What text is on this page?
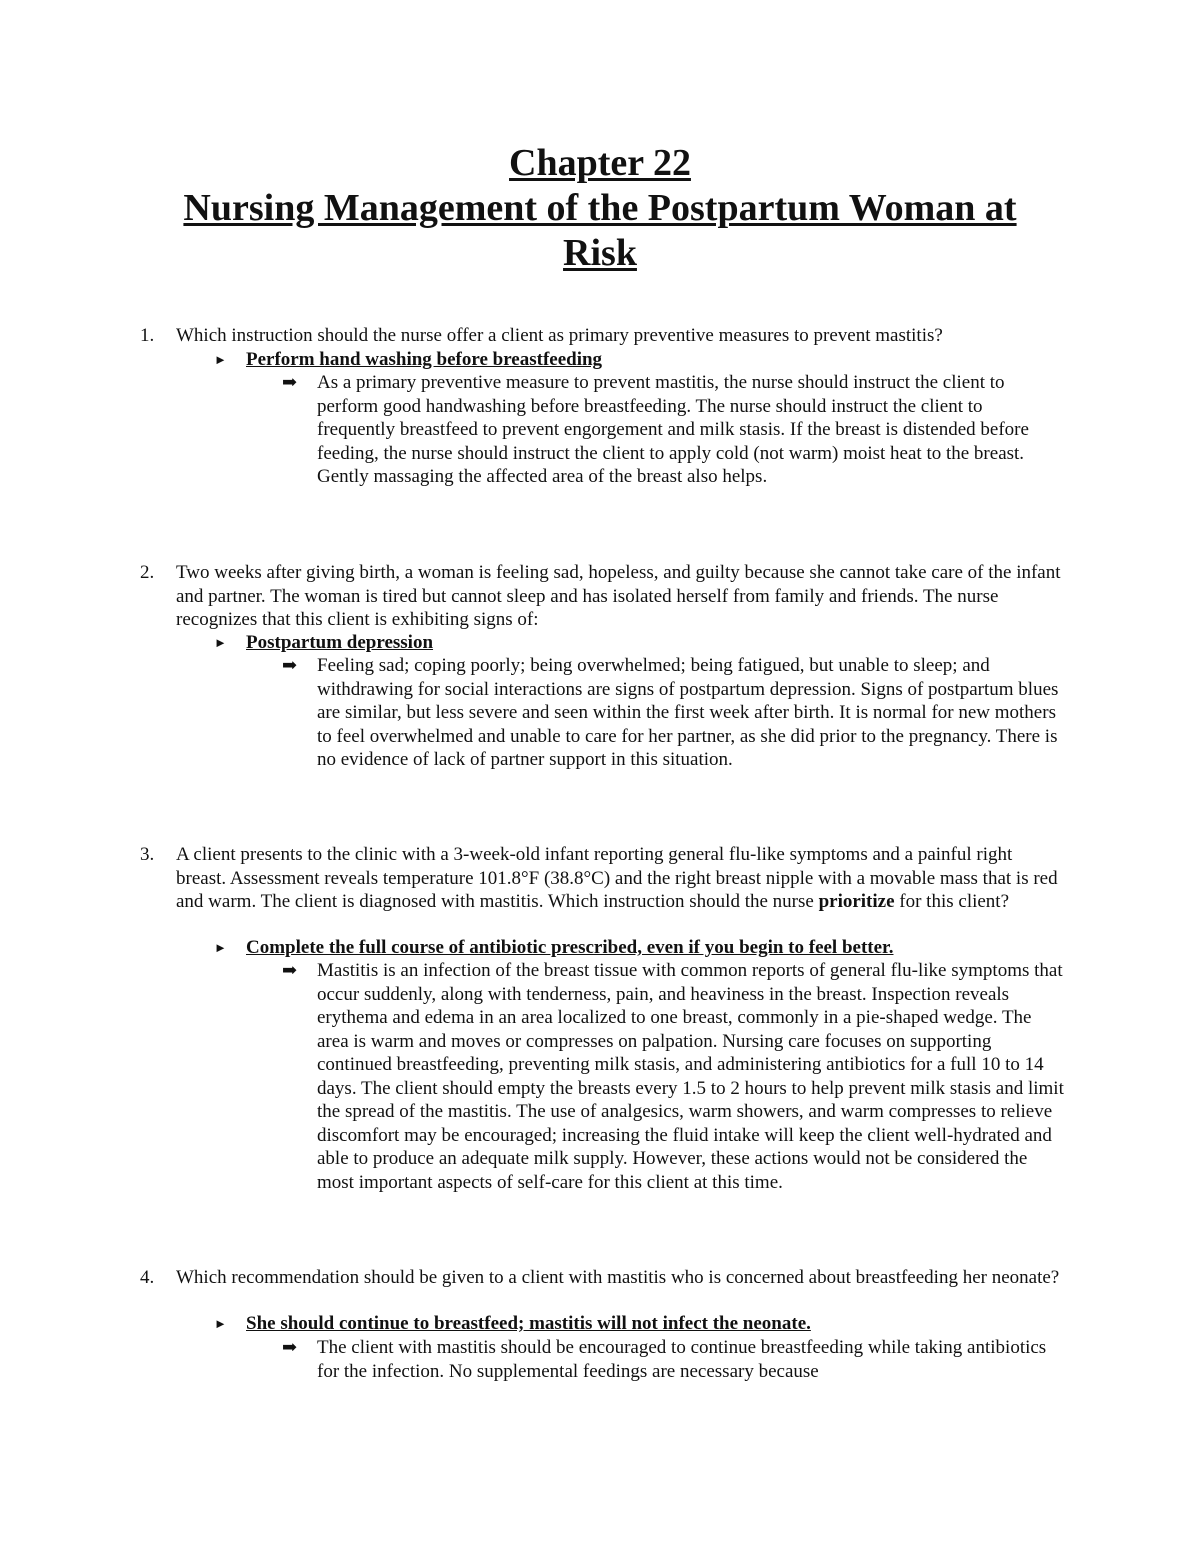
Chapter 22
Nursing Management of the Postpartum Woman at
Risk
1. Which instruction should the nurse offer a client as primary preventive measures to prevent mastitis?
► Perform hand washing before breastfeeding
➡ As a primary preventive measure to prevent mastitis, the nurse should instruct the client to perform good handwashing before breastfeeding. The nurse should instruct the client to frequently breastfeed to prevent engorgement and milk stasis. If the breast is distended before feeding, the nurse should instruct the client to apply cold (not warm) moist heat to the breast. Gently massaging the affected area of the breast also helps.
2. Two weeks after giving birth, a woman is feeling sad, hopeless, and guilty because she cannot take care of the infant and partner. The woman is tired but cannot sleep and has isolated herself from family and friends. The nurse recognizes that this client is exhibiting signs of:
► Postpartum depression
➡ Feeling sad; coping poorly; being overwhelmed; being fatigued, but unable to sleep; and withdrawing for social interactions are signs of postpartum depression. Signs of postpartum blues are similar, but less severe and seen within the first week after birth. It is normal for new mothers to feel overwhelmed and unable to care for her partner, as she did prior to the pregnancy. There is no evidence of lack of partner support in this situation.
3. A client presents to the clinic with a 3-week-old infant reporting general flu-like symptoms and a painful right breast. Assessment reveals temperature 101.8°F (38.8°C) and the right breast nipple with a movable mass that is red and warm. The client is diagnosed with mastitis. Which instruction should the nurse prioritize for this client?
► Complete the full course of antibiotic prescribed, even if you begin to feel better.
➡ Mastitis is an infection of the breast tissue with common reports of general flu-like symptoms that occur suddenly, along with tenderness, pain, and heaviness in the breast. Inspection reveals erythema and edema in an area localized to one breast, commonly in a pie-shaped wedge. The area is warm and moves or compresses on palpation. Nursing care focuses on supporting continued breastfeeding, preventing milk stasis, and administering antibiotics for a full 10 to 14 days. The client should empty the breasts every 1.5 to 2 hours to help prevent milk stasis and limit the spread of the mastitis. The use of analgesics, warm showers, and warm compresses to relieve discomfort may be encouraged; increasing the fluid intake will keep the client well-hydrated and able to produce an adequate milk supply. However, these actions would not be considered the most important aspects of self-care for this client at this time.
4. Which recommendation should be given to a client with mastitis who is concerned about breastfeeding her neonate?
► She should continue to breastfeed; mastitis will not infect the neonate.
➡ The client with mastitis should be encouraged to continue breastfeeding while taking antibiotics for the infection. No supplemental feedings are necessary because
